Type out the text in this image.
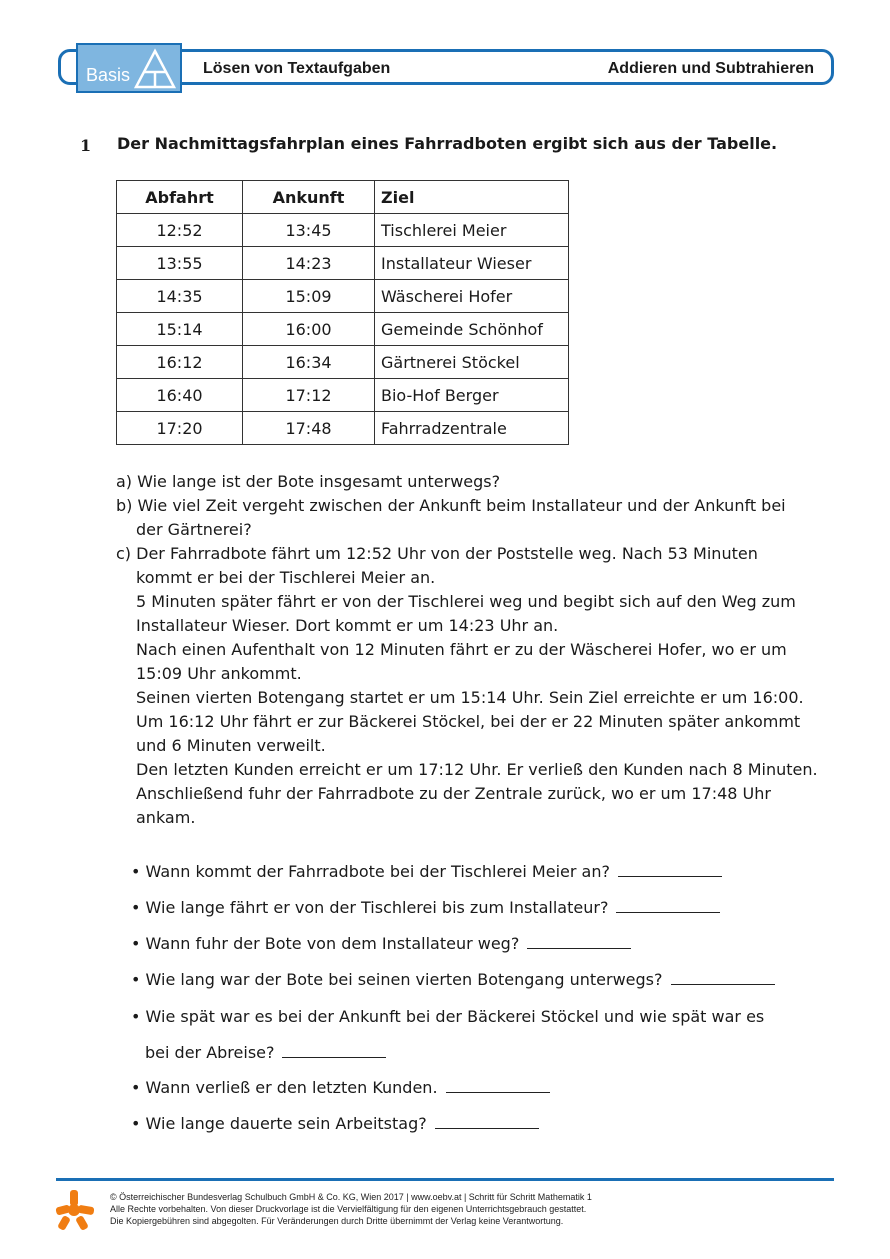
Basis	Lösen von Textaufgaben	Addieren und Subtrahieren
1 Der Nachmittagsfahrplan eines Fahrradboten ergibt sich aus der Tabelle.
Abfahrt	Ankunft	Ziel
12:52	13:45	Tischlerei Meier
13:55	14:23	Installateur Wieser
14:35	15:09	Wäscherei Hofer
15:14	16:00	Gemeinde Schönhof
16:12	16:34	Gärtnerei Stöckel
16:40	17:12	Bio-Hof Berger
17:20	17:48	Fahrradzentrale

a) Wie lange ist der Bote insgesamt unterwegs?

b) Wie viel Zeit vergeht zwischen der Ankunft beim Installateur und der Ankunft bei

der Gärtnerei?

c) Der Fahrradbote fährt um 12:52 Uhr von der Poststelle weg. Nach 53 Minuten

kommt er bei der Tischlerei Meier an.

5 Minuten später fährt er von der Tischlerei weg und begibt sich auf den Weg zum

Installateur Wieser. Dort kommt er um 14:23 Uhr an.

Nach einen Aufenthalt von 12 Minuten fährt er zu der Wäscherei Hofer, wo er um

15:09 Uhr ankommt.

Seinen vierten Botengang startet er um 15:14 Uhr. Sein Ziel erreichte er um 16:00.

Um 16:12 Uhr fährt er zur Bäckerei Stöckel, bei der er 22 Minuten später ankommt

und 6 Minuten verweilt.

Den letzten Kunden erreicht er um 17:12 Uhr. Er verließ den Kunden nach 8 Minuten.

Anschließend fuhr der Fahrradbote zu der Zentrale zurück, wo er um 17:48 Uhr

ankam.

• Wann kommt der Fahrradbote bei der Tischlerei Meier an?
• Wie lange fährt er von der Tischlerei bis zum Installateur?
• Wann fuhr der Bote von dem Installateur weg?
• Wie lang war der Bote bei seinen vierten Botengang unterwegs?
• Wie spät war es bei der Ankunft bei der Bäckerei Stöckel und wie spät war es
bei der Abreise?
• Wann verließ er den letzten Kunden.
• Wie lange dauerte sein Arbeitstag?

© Österreichischer Bundesverlag Schulbuch GmbH & Co. KG, Wien 2017 | www.oebv.at | Schritt für Schritt Mathematik 1

Alle Rechte vorbehalten. Von dieser Druckvorlage ist die Vervielfältigung für den eigenen Unterrichtsgebrauch gestattet.

Die Kopiergebühren sind abgegolten. Für Veränderungen durch Dritte übernimmt der Verlag keine Verantwortung.
